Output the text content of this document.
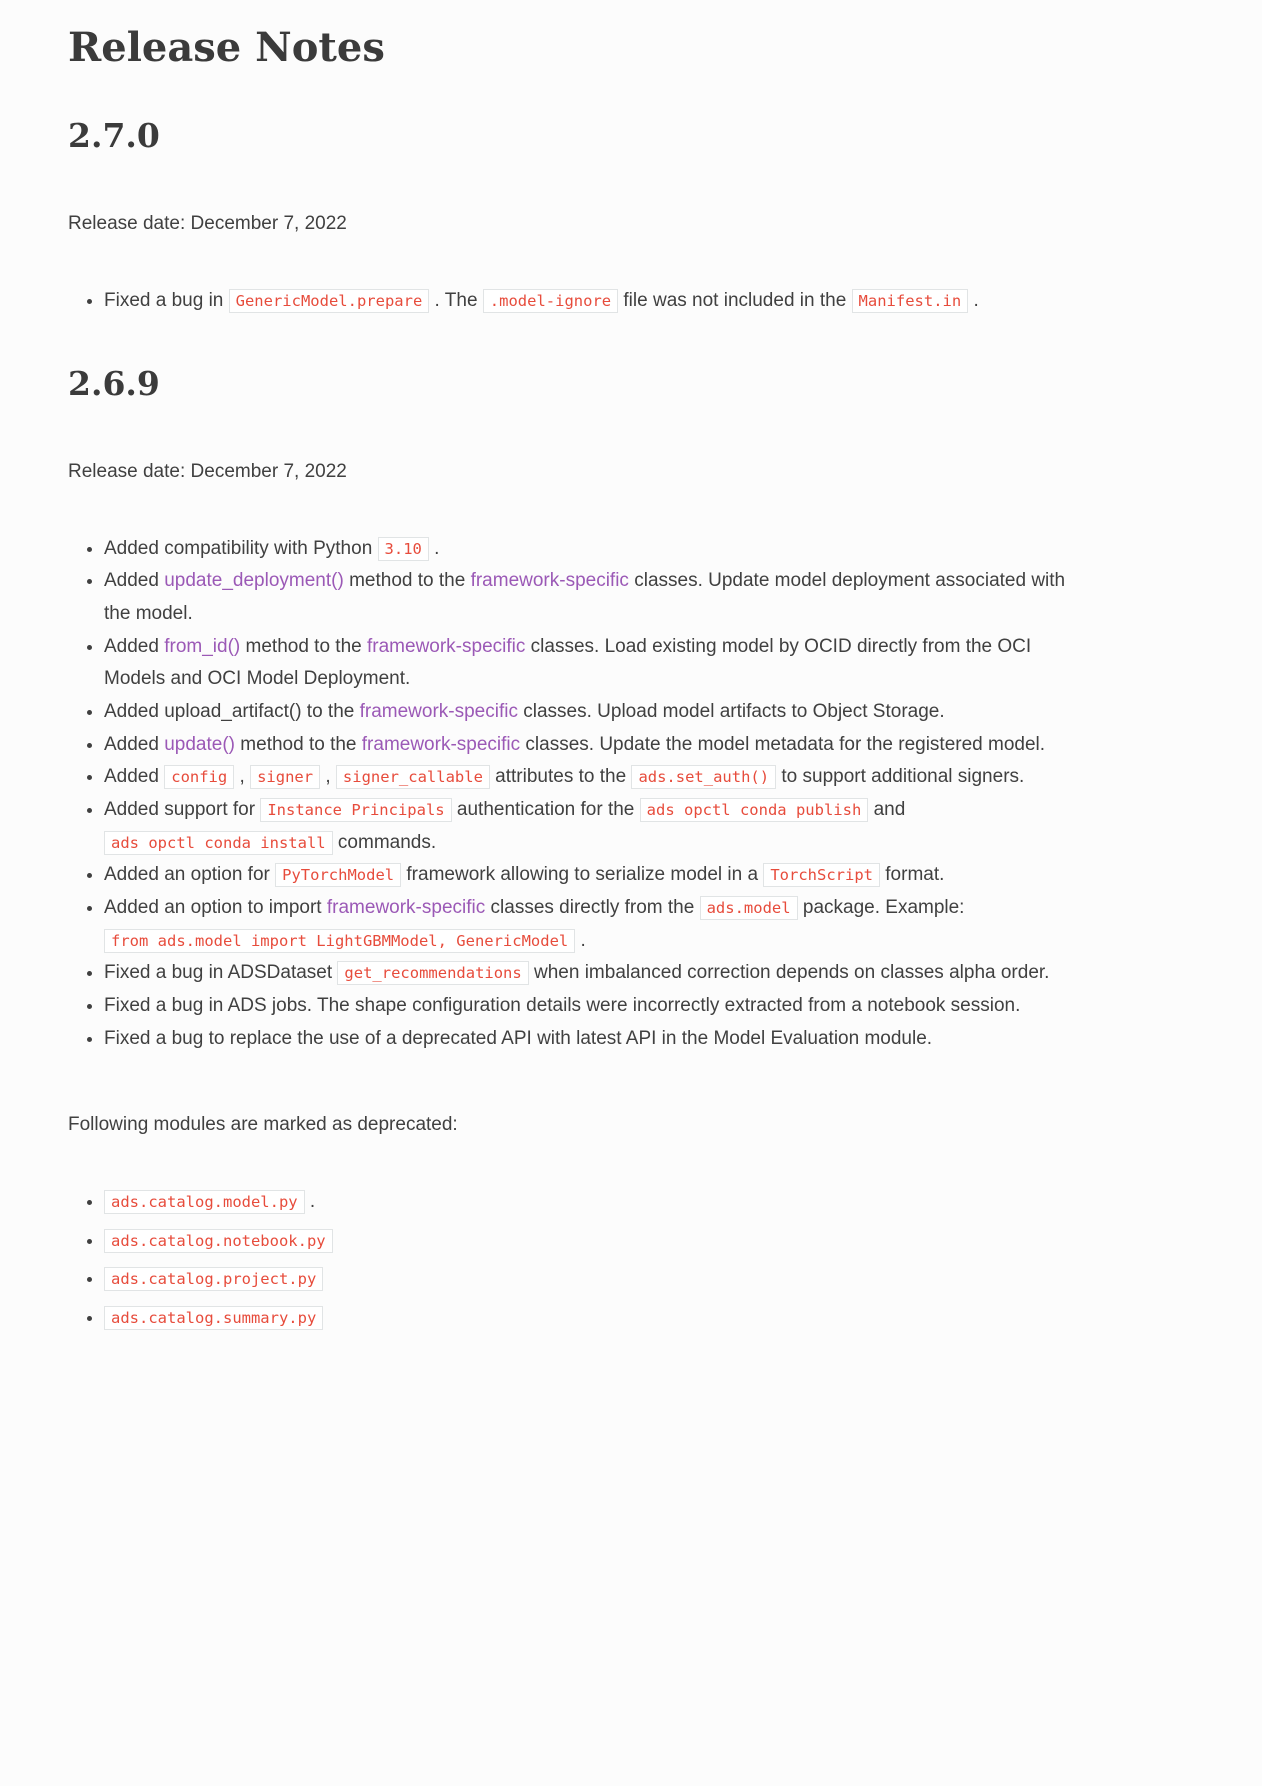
Release Notes
2.7.0

Release date: December 7, 2022

• Fixed a bug in GenericModel.prepare . The .model-ignore file was not included in the Manifest.in .
2.6.9

Release date: December 7, 2022

• Added compatibility with Python 3.10 .
• Added update_deployment() method to the framework-specific classes. Update model deployment associated with the model.
• Added from_id() method to the framework-specific classes. Load existing model by OCID directly from the OCI Models and OCI Model Deployment.
• Added upload_artifact() to the framework-specific classes. Upload model artifacts to Object Storage.
• Added update() method to the framework-specific classes. Update the model metadata for the registered model.
• Added config , signer , signer_callable attributes to the ads.set_auth() to support additional signers.
• Added support for Instance Principals authentication for the ads opctl conda publish and ads opctl conda install commands.
• Added an option for PyTorchModel framework allowing to serialize model in a TorchScript format.
• Added an option to import framework-specific classes directly from the ads.model package. Example: from ads.model import LightGBMModel, GenericModel .
• Fixed a bug in ADSDataset get_recommendations when imbalanced correction depends on classes alpha order.
• Fixed a bug in ADS jobs. The shape configuration details were incorrectly extracted from a notebook session.
• Fixed a bug to replace the use of a deprecated API with latest API in the Model Evaluation module.

Following modules are marked as deprecated:

• ads.catalog.model.py .
• ads.catalog.notebook.py
• ads.catalog.project.py
• ads.catalog.summary.py
